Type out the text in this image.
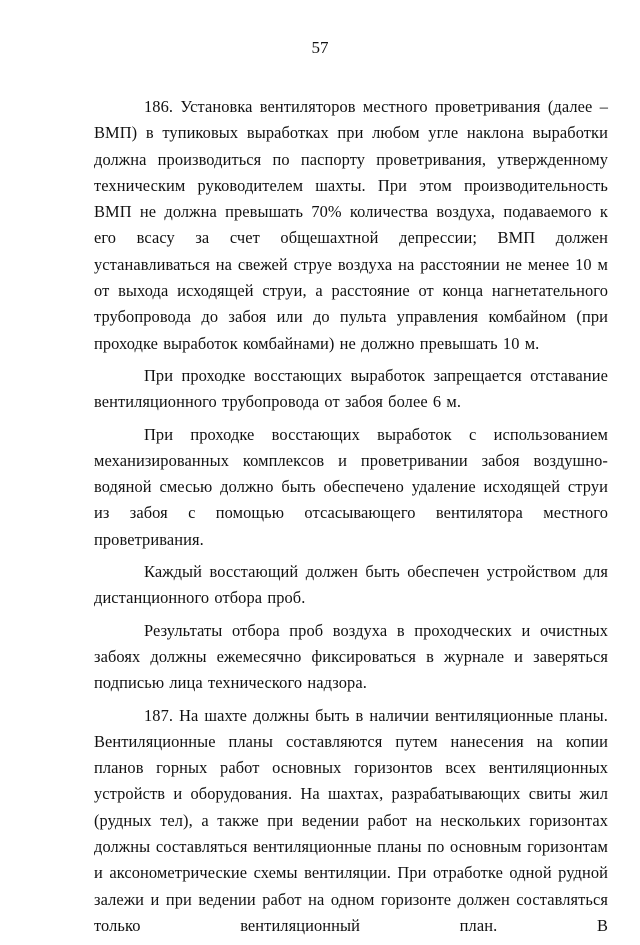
57

186. Установка вентиляторов местного проветривания (далее – ВМП) в тупиковых выработках при любом угле наклона выработки должна производиться по паспорту проветривания, утвержденному техническим руководителем шахты. При этом производительность ВМП не должна превышать 70% количества воздуха, подаваемого к его всасу за счет общешахтной депрессии; ВМП должен устанавливаться на свежей струе воздуха на расстоянии не менее 10 м от выхода исходящей струи, а расстояние от конца нагнетательного трубопровода до забоя или до пульта управления комбайном (при проходке выработок комбайнами) не должно превышать 10 м.

При проходке восстающих выработок запрещается отставание вентиляционного трубопровода от забоя более 6 м.

При проходке восстающих выработок с использованием механизированных комплексов и проветривании забоя воздушно-водяной смесью должно быть обеспечено удаление исходящей струи из забоя с помощью отсасывающего вентилятора местного проветривания.

Каждый восстающий должен быть обеспечен устройством для дистанционного отбора проб.

Результаты отбора проб воздуха в проходческих и очистных забоях должны ежемесячно фиксироваться в журнале и заверяться подписью лица технического надзора.

187. На шахте должны быть в наличии вентиляционные планы. Вентиляционные планы составляются путем нанесения на копии планов горных работ основных горизонтов всех вентиляционных устройств и оборудования. На шахтах, разрабатывающих свиты жил (рудных тел), а также при ведении работ на нескольких горизонтах должны составляться вентиляционные планы по основным горизонтам и аксонометрические схемы вентиляции. При отработке одной рудной залежи и при ведении работ на одном горизонте должен составляться только вентиляционный план. В
